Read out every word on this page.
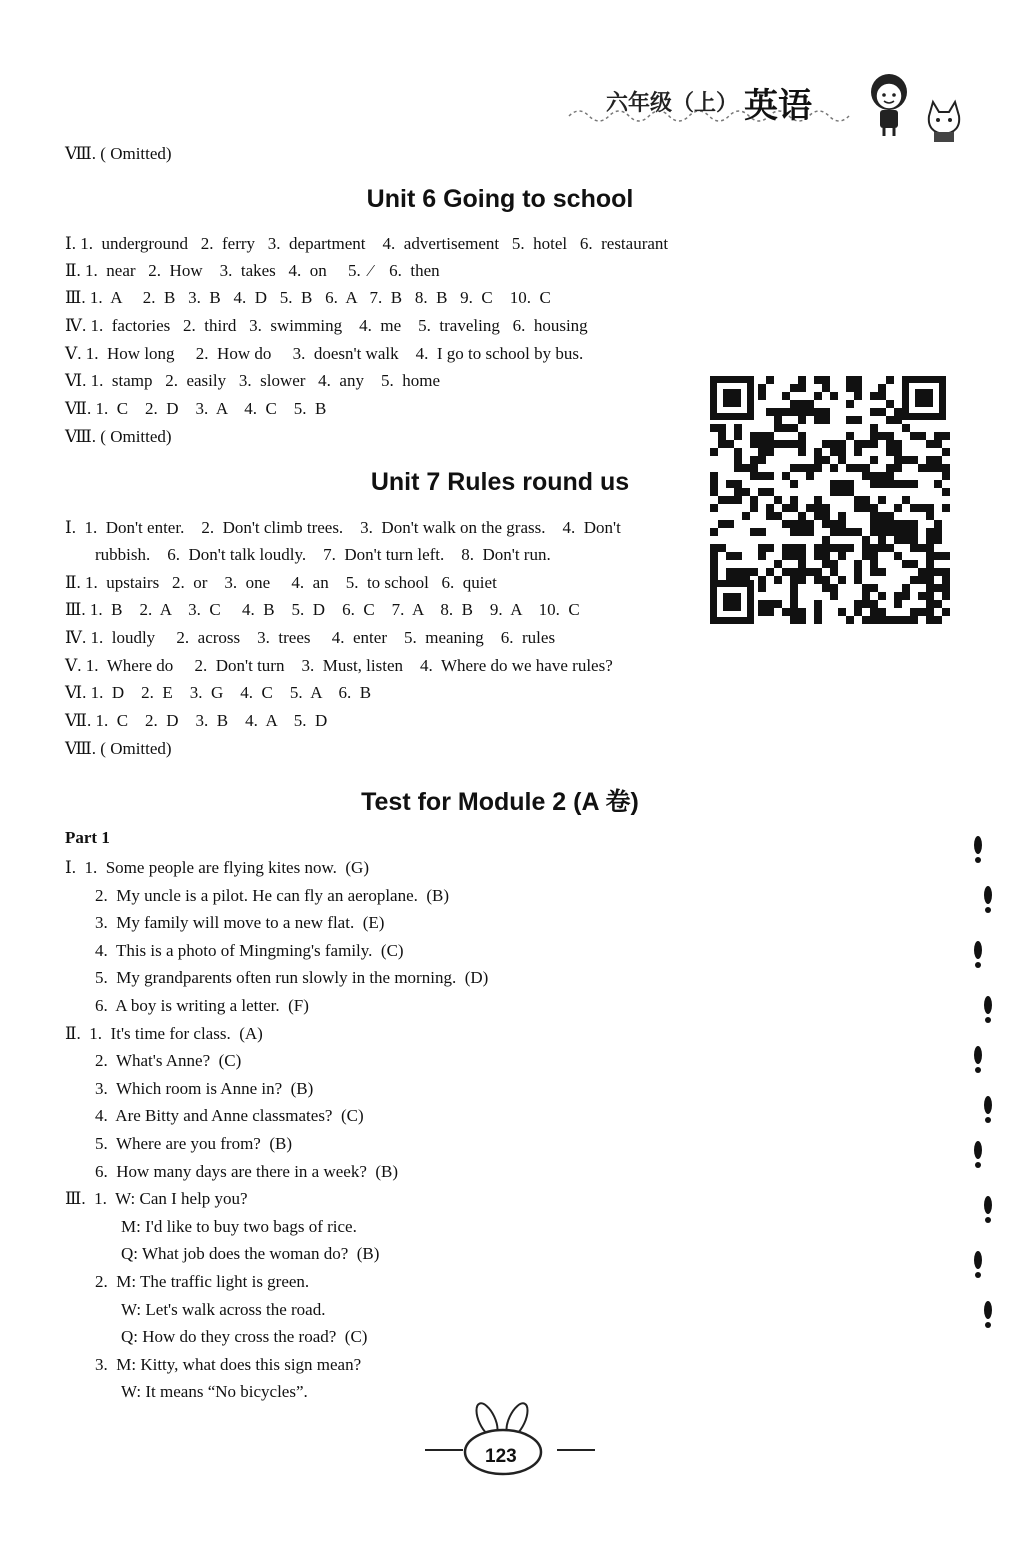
六年级（上） 英语
Ⅷ. ( Omitted)
Unit 6 Going to school
Ⅰ. 1.  underground   2.  ferry   3.  department    4.  advertisement   5.  hotel   6.  restaurant
Ⅱ. 1.  near   2.  How    3.  takes   4.  on     5.  ⁄    6.  then
Ⅲ. 1.  A     2.  B   3.  B   4.  D   5.  B   6.  A   7.  B   8.  B   9.  C    10.  C
Ⅳ. 1.  factories   2.  third   3.  swimming    4.  me    5.  traveling   6.  housing
Ⅴ. 1.  How long     2.  How do     3.  doesn't walk    4.  I go to school by bus.
Ⅵ. 1.  stamp   2.  easily   3.  slower   4.  any    5.  home
Ⅶ. 1.  C    2.  D    3.  A    4.  C    5.  B
Ⅷ. ( Omitted)
Unit 7 Rules round us
Ⅰ.  1.  Don't enter.    2.  Don't climb trees.    3.  Don't walk on the grass.    4.  Don't
rubbish.    6.  Don't talk loudly.    7.  Don't turn left.    8.  Don't run.
Ⅱ. 1.  upstairs   2.  or    3.  one     4.  an    5.  to school   6.  quiet
Ⅲ. 1.  B    2.  A    3.  C     4.  B    5.  D    6.  C    7.  A    8.  B    9.  A    10.  C
Ⅳ. 1.  loudly     2.  across    3.  trees     4.  enter    5.  meaning    6.  rules
Ⅴ. 1.  Where do     2.  Don't turn    3.  Must, listen    4.  Where do we have rules?
Ⅵ. 1.  D    2.  E    3.  G    4.  C    5.  A    6.  B
Ⅶ. 1.  C    2.  D    3.  B    4.  A    5.  D
Ⅷ. ( Omitted)
Test for Module 2 (A 卷)
Part 1
Ⅰ.  1.  Some people are flying kites now.  (G)
2.  My uncle is a pilot. He can fly an aeroplane.  (B)
3.  My family will move to a new flat.  (E)
4.  This is a photo of Mingming's family.  (C)
5.  My grandparents often run slowly in the morning.  (D)
6.  A boy is writing a letter.  (F)
Ⅱ.  1.  It's time for class.  (A)
2.  What's Anne?  (C)
3.  Which room is Anne in?  (B)
4.  Are Bitty and Anne classmates?  (C)
5.  Where are you from?  (B)
6.  How many days are there in a week?  (B)
Ⅲ.  1.  W: Can I help you?
M: I'd like to buy two bags of rice.
Q: What job does the woman do?  (B)
2.  M: The traffic light is green.
W: Let's walk across the road.
Q: How do they cross the road?  (C)
3.  M: Kitty, what does this sign mean?
W: It means “No bicycles”.
123
